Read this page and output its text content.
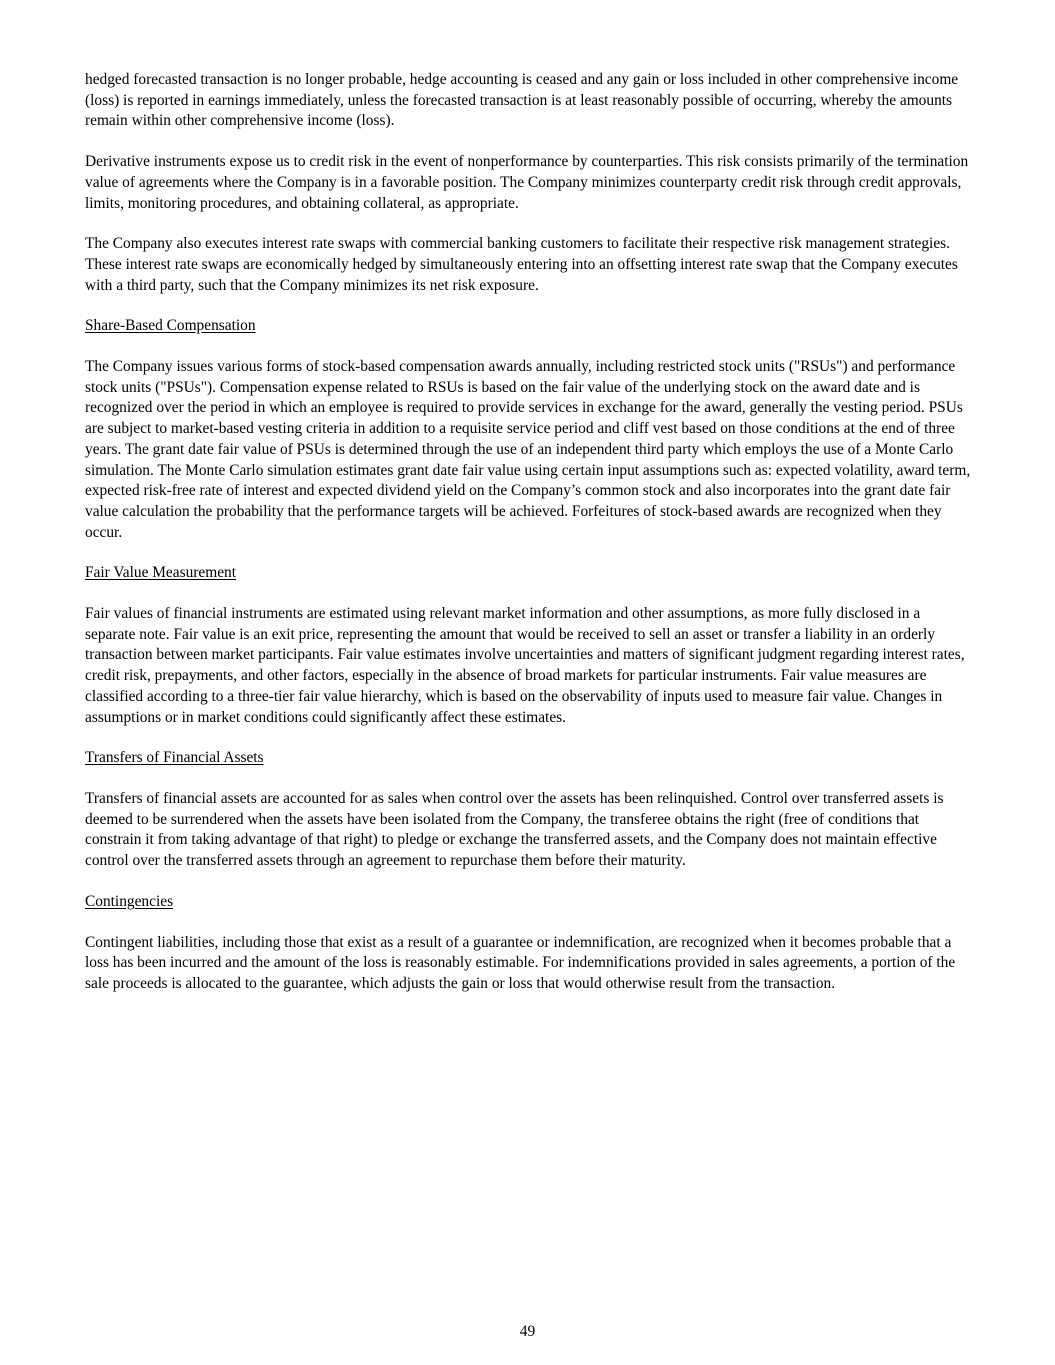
hedged forecasted transaction is no longer probable, hedge accounting is ceased and any gain or loss included in other comprehensive income (loss) is reported in earnings immediately, unless the forecasted transaction is at least reasonably possible of occurring, whereby the amounts remain within other comprehensive income (loss).

Derivative instruments expose us to credit risk in the event of nonperformance by counterparties. This risk consists primarily of the termination value of agreements where the Company is in a favorable position. The Company minimizes counterparty credit risk through credit approvals, limits, monitoring procedures, and obtaining collateral, as appropriate.

The Company also executes interest rate swaps with commercial banking customers to facilitate their respective risk management strategies. These interest rate swaps are economically hedged by simultaneously entering into an offsetting interest rate swap that the Company executes with a third party, such that the Company minimizes its net risk exposure.

Share-Based Compensation

The Company issues various forms of stock-based compensation awards annually, including restricted stock units ("RSUs") and performance stock units ("PSUs"). Compensation expense related to RSUs is based on the fair value of the underlying stock on the award date and is recognized over the period in which an employee is required to provide services in exchange for the award, generally the vesting period. PSUs are subject to market-based vesting criteria in addition to a requisite service period and cliff vest based on those conditions at the end of three years. The grant date fair value of PSUs is determined through the use of an independent third party which employs the use of a Monte Carlo simulation. The Monte Carlo simulation estimates grant date fair value using certain input assumptions such as: expected volatility, award term, expected risk-free rate of interest and expected dividend yield on the Company’s common stock and also incorporates into the grant date fair value calculation the probability that the performance targets will be achieved. Forfeitures of stock-based awards are recognized when they occur.

Fair Value Measurement

Fair values of financial instruments are estimated using relevant market information and other assumptions, as more fully disclosed in a separate note. Fair value is an exit price, representing the amount that would be received to sell an asset or transfer a liability in an orderly transaction between market participants. Fair value estimates involve uncertainties and matters of significant judgment regarding interest rates, credit risk, prepayments, and other factors, especially in the absence of broad markets for particular instruments. Fair value measures are classified according to a three-tier fair value hierarchy, which is based on the observability of inputs used to measure fair value. Changes in assumptions or in market conditions could significantly affect these estimates.

Transfers of Financial Assets

Transfers of financial assets are accounted for as sales when control over the assets has been relinquished. Control over transferred assets is deemed to be surrendered when the assets have been isolated from the Company, the transferee obtains the right (free of conditions that constrain it from taking advantage of that right) to pledge or exchange the transferred assets, and the Company does not maintain effective control over the transferred assets through an agreement to repurchase them before their maturity.

Contingencies

Contingent liabilities, including those that exist as a result of a guarantee or indemnification, are recognized when it becomes probable that a loss has been incurred and the amount of the loss is reasonably estimable. For indemnifications provided in sales agreements, a portion of the sale proceeds is allocated to the guarantee, which adjusts the gain or loss that would otherwise result from the transaction.

49
